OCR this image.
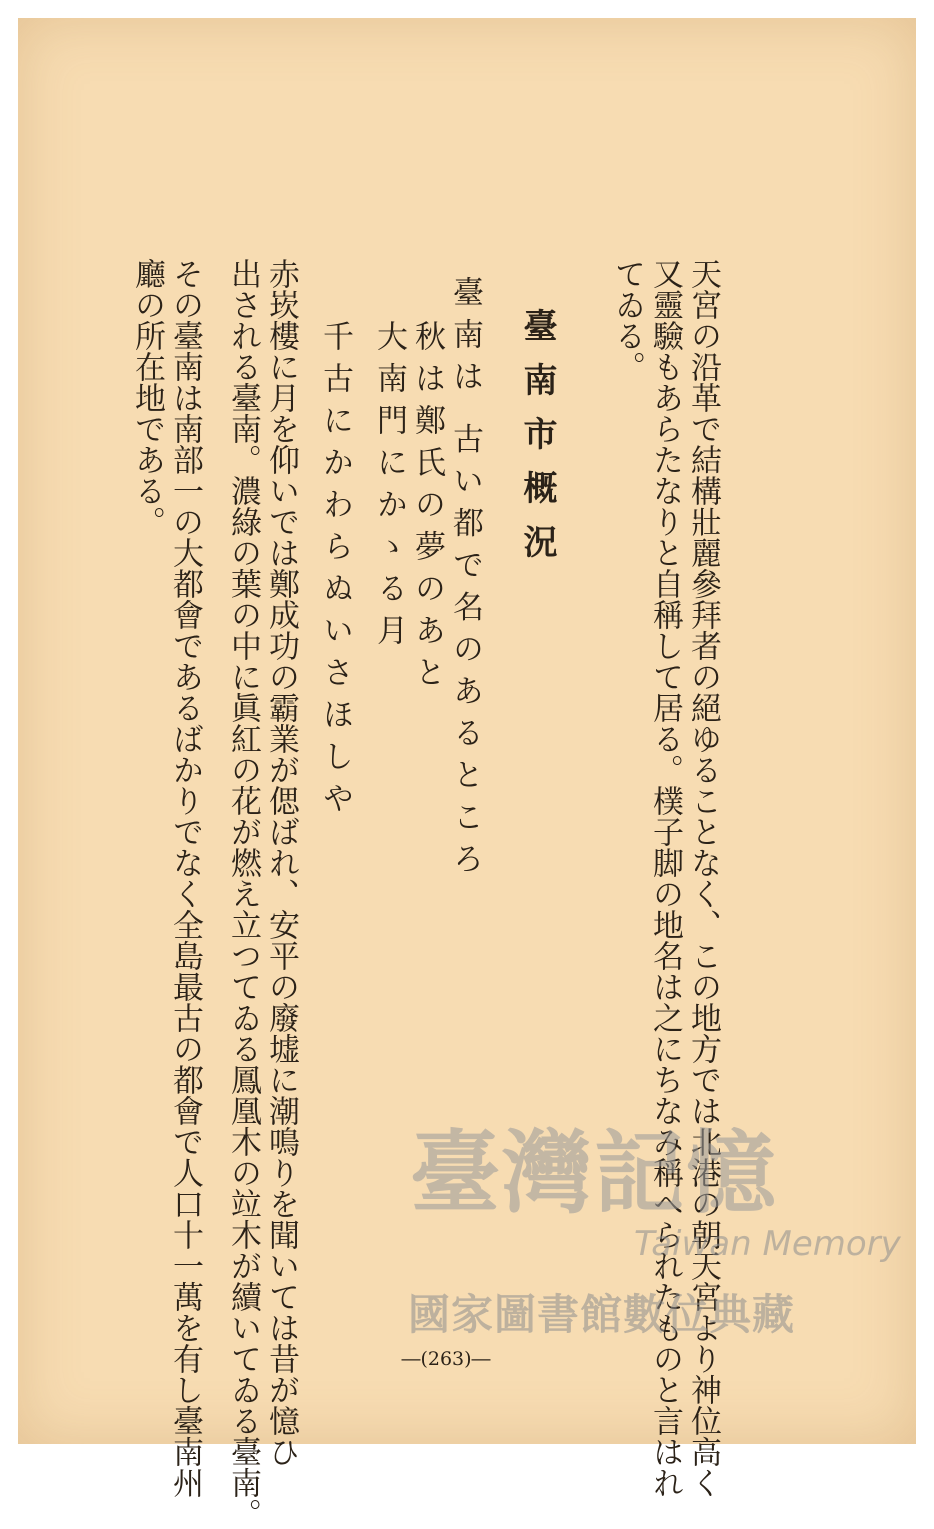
天宮の沿革で結構壯麗參拜者の絕ゆることなく、この地方では北港の朝天宮より神位高く
又靈驗もあらたなりと自稱して居る。樸子脚の地名は之にちなみ稱へられたものと言はれ
てゐる。
臺南市概況
臺南は 古い都で名のあるところ
秋は鄭氏の夢のあと
大南門にかゝる月
千古にかわらぬいさほしや
赤崁樓に月を仰いでは鄭成功の霸業が偲ばれ、安平の廢墟に潮鳴りを聞いては昔が憶ひ
出される臺南。濃綠の葉の中に眞紅の花が燃え立つてゐる鳳凰木の竝木が續いてゐる臺南。
その臺南は南部一の大都會であるばかりでなく全島最古の都會で人口十一萬を有し臺南州
廳の所在地である。
―(263)―
臺灣記憶
Taiwan Memory
國家圖書館數位典藏
